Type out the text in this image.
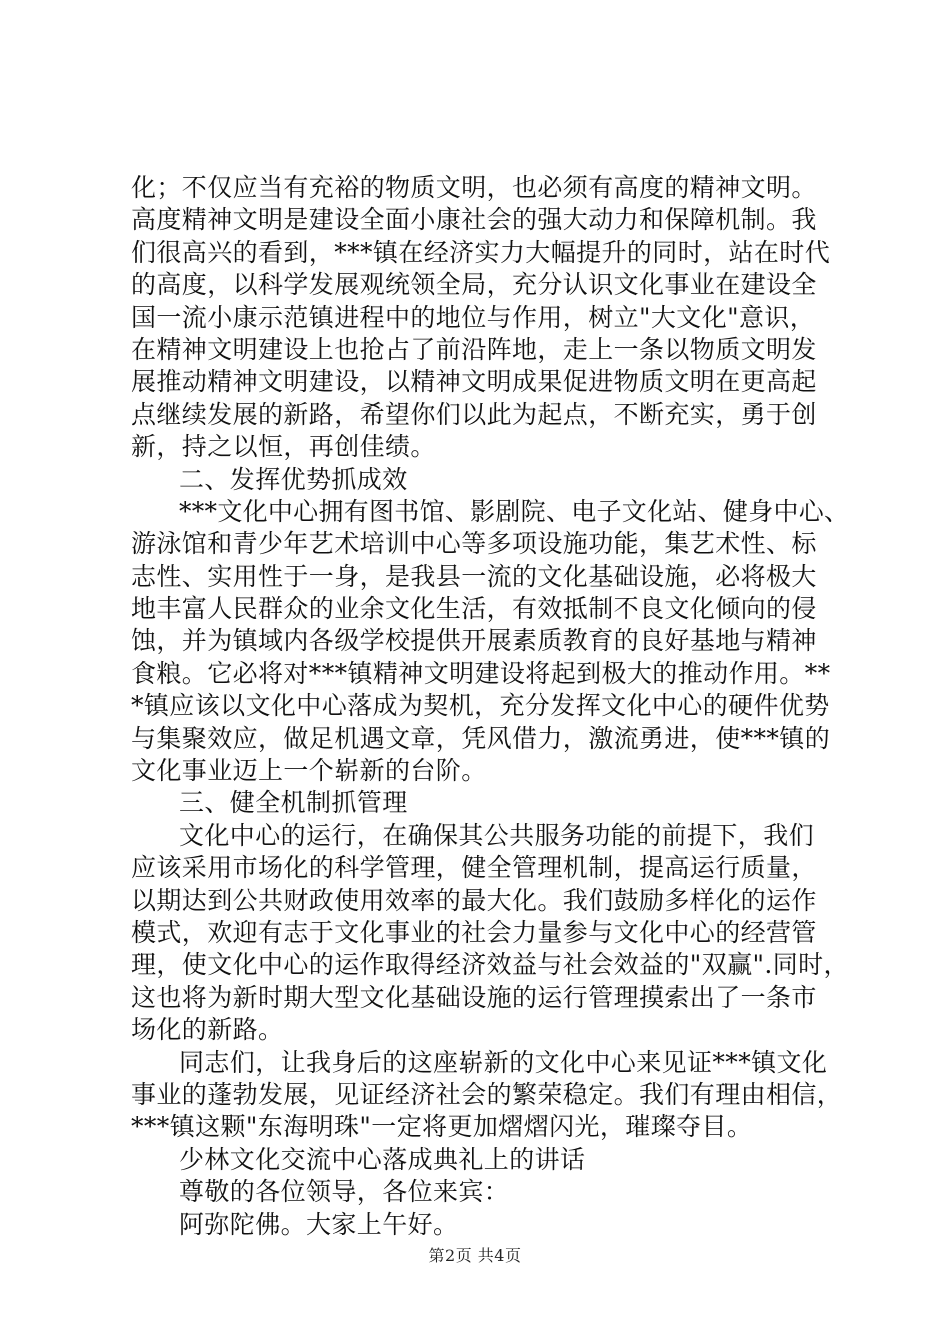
化；不仅应当有充裕的物质文明，也必须有高度的精神文明。
高度精神文明是建设全面小康社会的强大动力和保障机制。我
们很高兴的看到，***镇在经济实力大幅提升的同时，站在时代
的高度，以科学发展观统领全局，充分认识文化事业在建设全
国一流小康示范镇进程中的地位与作用，树立"大文化"意识，
在精神文明建设上也抢占了前沿阵地，走上一条以物质文明发
展推动精神文明建设，以精神文明成果促进物质文明在更高起
点继续发展的新路，希望你们以此为起点，不断充实，勇于创
新，持之以恒，再创佳绩。
二、发挥优势抓成效
***文化中心拥有图书馆、影剧院、电子文化站、健身中心、
游泳馆和青少年艺术培训中心等多项设施功能，集艺术性、标
志性、实用性于一身，是我县一流的文化基础设施，必将极大
地丰富人民群众的业余文化生活，有效抵制不良文化倾向的侵
蚀，并为镇域内各级学校提供开展素质教育的良好基地与精神
食粮。它必将对***镇精神文明建设将起到极大的推动作用。**
*镇应该以文化中心落成为契机，充分发挥文化中心的硬件优势
与集聚效应，做足机遇文章，凭风借力，激流勇进，使***镇的
文化事业迈上一个崭新的台阶。
三、健全机制抓管理
文化中心的运行，在确保其公共服务功能的前提下，我们
应该采用市场化的科学管理，健全管理机制，提高运行质量，
以期达到公共财政使用效率的最大化。我们鼓励多样化的运作
模式，欢迎有志于文化事业的社会力量参与文化中心的经营管
理，使文化中心的运作取得经济效益与社会效益的"双赢".同时，
这也将为新时期大型文化基础设施的运行管理摸索出了一条市
场化的新路。
同志们，让我身后的这座崭新的文化中心来见证***镇文化
事业的蓬勃发展，见证经济社会的繁荣稳定。我们有理由相信，
***镇这颗"东海明珠"一定将更加熠熠闪光，璀璨夺目。
少林文化交流中心落成典礼上的讲话
尊敬的各位领导，各位来宾：
阿弥陀佛。大家上午好。
第2页 共4页
